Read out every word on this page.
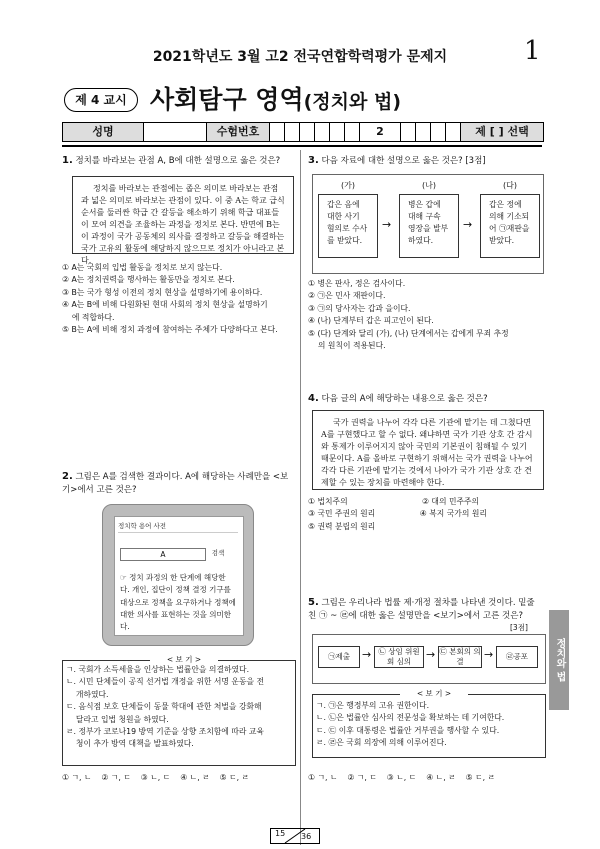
2021학년도 3월 고2 전국연합학력평가 문제지	1
제 4 교시 사회탐구 영역(정치와 법)
성명	수험번호	2	제 [ ] 선택
1. 정치를 바라보는 관점 A, B에 대한 설명으로 옳은 것은?
정치를 바라보는 관점에는 좁은 의미로 바라보는 관점과 넓은 의미로 바라보는 관점이 있다. 이 중 A는 학교 급식 순서를 둘러싼 학급 간 갈등을 해소하기 위해 학급 대표들이 모여 의견을 조율하는 과정을 정치로 본다. 반면에 B는 이 과정이 국가 공동체의 의사를 결정하고 갈등을 해결하는 국가 고유의 활동에 해당하지 않으므로 정치가 아니라고 본다.
① A는 국회의 입법 활동을 정치로 보지 않는다.
② A는 정치권력을 행사하는 활동만을 정치로 본다.
③ B는 국가 형성 이전의 정치 현상을 설명하기에 용이하다.
④ A는 B에 비해 다원화된 현대 사회의 정치 현상을 설명하기
에 적합하다.
⑤ B는 A에 비해 정치 과정에 참여하는 주체가 다양하다고 본다.
2. 그림은 A를 검색한 결과이다. A에 해당하는 사례만을 <보기>에서 고른 것은?
정치학 용어 사전
A	검색
☞ 정치 과정의 한 단계에 해당한 다. 개인, 집단이 정책 결정 기구를 대상으로 정책을 요구하거나 정책에 대한 의사를 표현하는 것을 의미한다.
< 보 기 >
ㄱ. 국회가 소득세율을 인상하는 법률안을 의결하였다.
ㄴ. 시민 단체들이 공직 선거법 개정을 위한 서명 운동을 전
개하였다.
ㄷ. 음식점 보호 단체들이 동물 학대에 관한 처벌을 강화해
달라고 입법 청원을 하였다.
ㄹ. 정부가 코로나19 방역 기준을 상향 조치함에 따라 교육
청이 추가 방역 대책을 발표하였다.
① ㄱ, ㄴ    ② ㄱ, ㄷ    ③ ㄴ, ㄷ    ④ ㄴ, ㄹ    ⑤ ㄷ, ㄹ
3. 다음 자료에 대한 설명으로 옳은 것은? [3점]
(가)	(나)	(다)
갑은 음에 대한 사기 혐의로 수사를 받았다.
→
병은 갑에 대해 구속 영장을 발부하였다.
→
갑은 정에 의해 기소되어 ㉠재판을 받았다.
① 병은 판사, 정은 검사이다.
② ㉠은 민사 재판이다.
③ ㉠의 당사자는 갑과 을이다.
④ (나) 단계부터 갑은 피고인이 된다.
⑤ (다) 단계와 달리 (가), (나) 단계에서는 갑에게 무죄 추정
의 원칙이 적용된다.
4. 다음 글의 A에 해당하는 내용으로 옳은 것은?
국가 권력을 나누어 각각 다른 기관에 맡기는 데 그쳤다면 A를 구현했다고 할 수 없다. 왜냐하면 국가 기관 상호 간 감시와 통제가 이루어지지 않아 국민의 기본권이 침해될 수 있기 때문이다. A를 올바로 구현하기 위해서는 국가 권력을 나누어 각각 다른 기관에 맡기는 것에서 나아가 국가 기관 상호 간 견제할 수 있는 장치를 마련해야 한다.
① 법치주의                              ② 대의 민주주의
③ 국민 주권의 원리                  ④ 복지 국가의 원리
⑤ 권력 분립의 원리
5. 그림은 우리나라 법률 제·개정 절차를 나타낸 것이다. 밑줄 친 ㉠ ~ ㉣에 대한 옳은 설명만을 <보기>에서 고른 것은?
[3점]
㉠제출	→ ㉡ 상임 위원회 심의
→ ㉢ 본회의 의결
→	㉣공포
< 보 기 >
ㄱ. ㉠은 행정부의 고유 권한이다.
ㄴ. ㉡은 법률안 심사의 전문성을 확보하는 데 기여한다.
ㄷ. ㉢ 이후 대통령은 법률안 거부권을 행사할 수 있다.
ㄹ. ㉣은 국회 의장에 의해 이루어진다.
① ㄱ, ㄴ    ② ㄱ, ㄷ    ③ ㄴ, ㄷ    ④ ㄴ, ㄹ    ⑤ ㄷ, ㄹ
정치와 법
15 36
